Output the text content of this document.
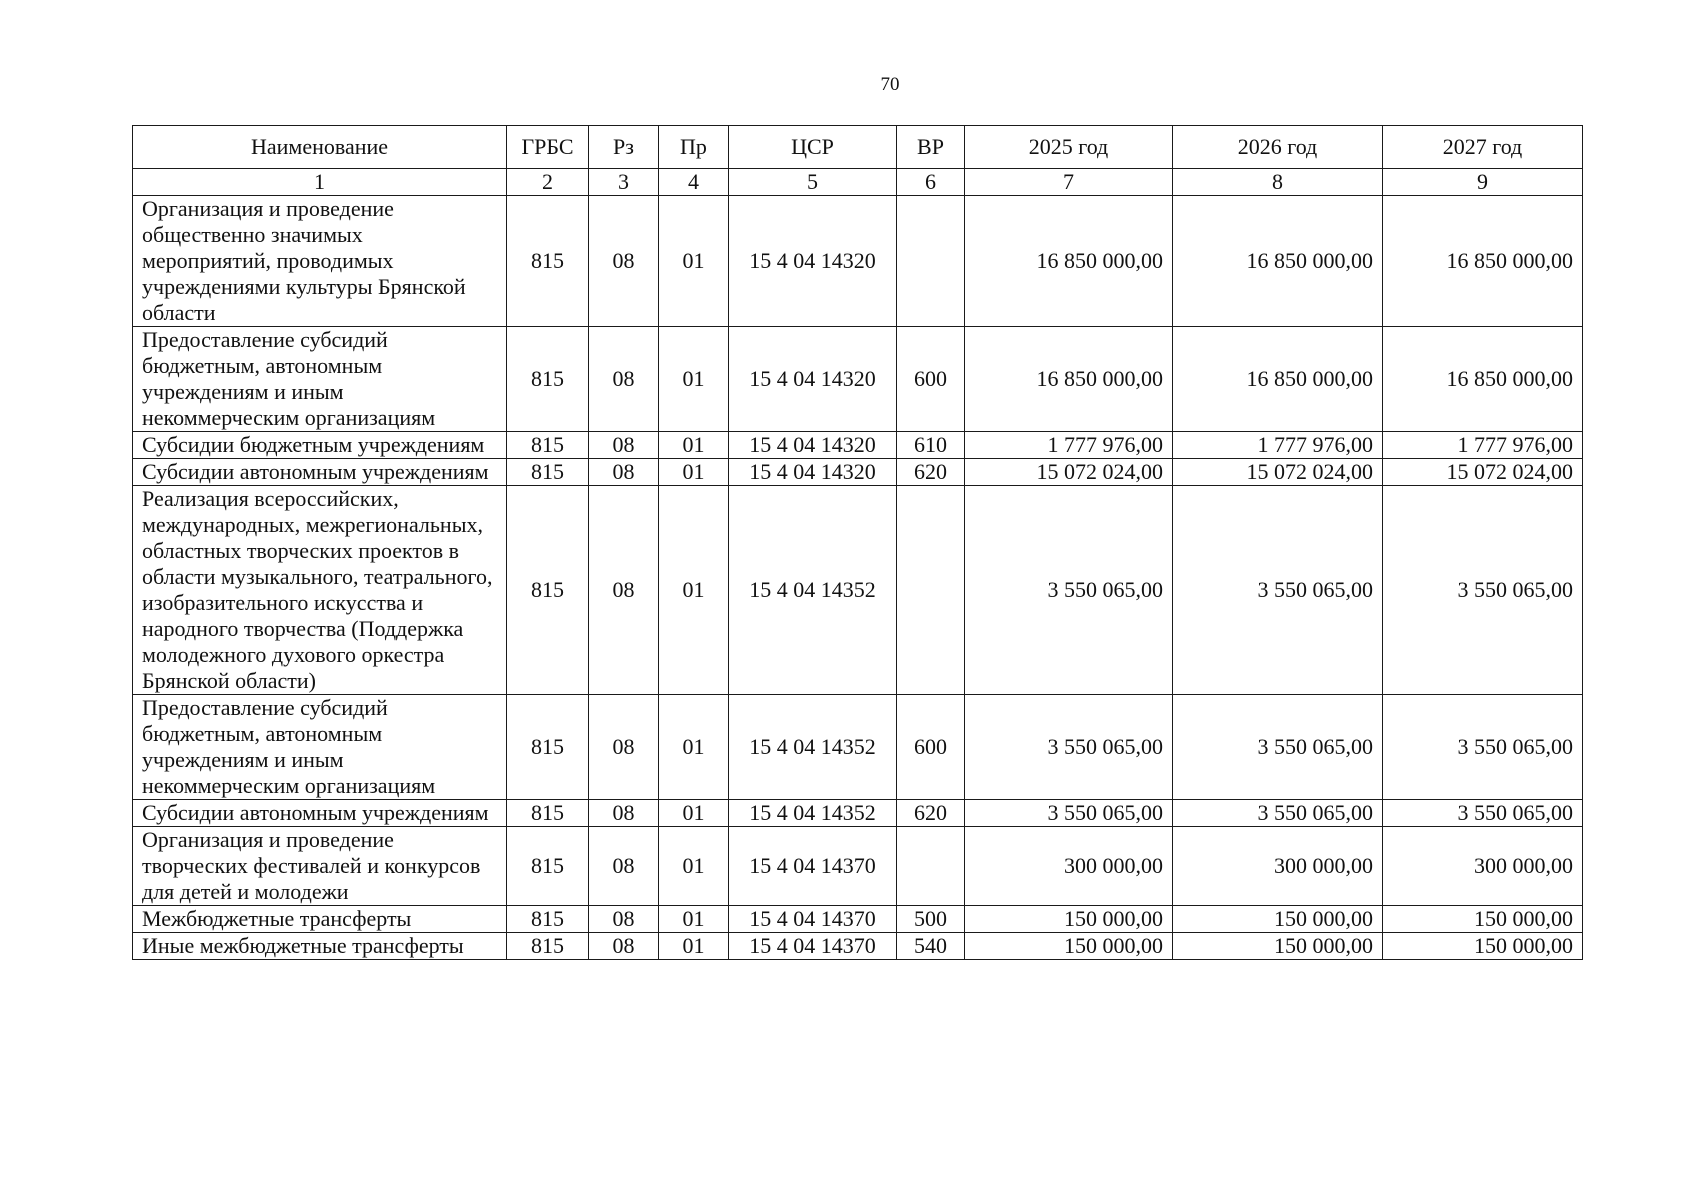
70
Наименование	ГРБС	Рз	Пр	ЦСР	ВР	2025 год	2026 год	2027 год
1	2	3	4	5	6	7	8	9
Организация и проведение общественно значимых мероприятий, проводимых учреждениями культуры Брянской области	815	08	01	15 4 04 14320		16 850 000,00	16 850 000,00	16 850 000,00
Предоставление субсидий бюджетным, автономным учреждениям и иным некоммерческим организациям	815	08	01	15 4 04 14320	600	16 850 000,00	16 850 000,00	16 850 000,00
Субсидии бюджетным учреждениям	815	08	01	15 4 04 14320	610	1 777 976,00	1 777 976,00	1 777 976,00
Субсидии автономным учреждениям	815	08	01	15 4 04 14320	620	15 072 024,00	15 072 024,00	15 072 024,00
Реализация всероссийских, международных, межрегиональных, областных творческих проектов в области музыкального, театрального, изобразительного искусства и народного творчества (Поддержка молодежного духового оркестра Брянской области)	815	08	01	15 4 04 14352		3 550 065,00	3 550 065,00	3 550 065,00
Предоставление субсидий бюджетным, автономным учреждениям и иным некоммерческим организациям	815	08	01	15 4 04 14352	600	3 550 065,00	3 550 065,00	3 550 065,00
Субсидии автономным учреждениям	815	08	01	15 4 04 14352	620	3 550 065,00	3 550 065,00	3 550 065,00
Организация и проведение творческих фестивалей и конкурсов для детей и молодежи	815	08	01	15 4 04 14370		300 000,00	300 000,00	300 000,00
Межбюджетные трансферты	815	08	01	15 4 04 14370	500	150 000,00	150 000,00	150 000,00
Иные межбюджетные трансферты	815	08	01	15 4 04 14370	540	150 000,00	150 000,00	150 000,00
